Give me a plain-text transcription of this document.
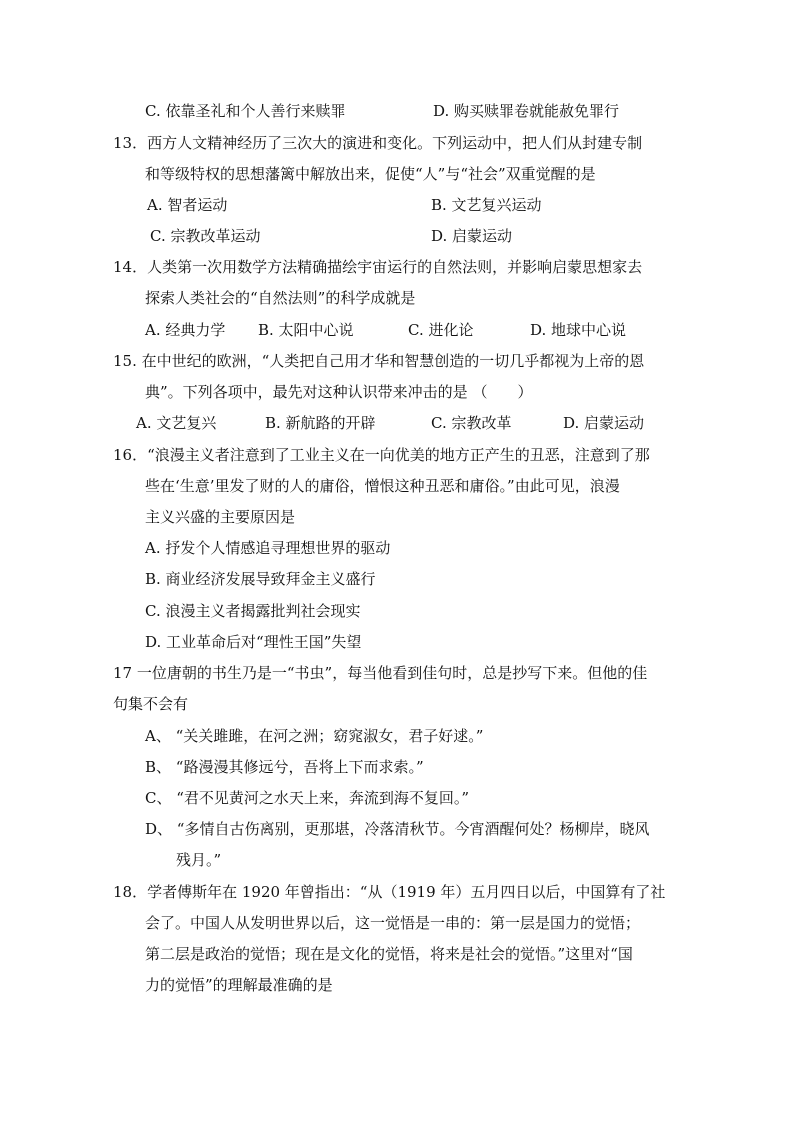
C. 依靠圣礼和个人善行来赎罪	D. 购买赎罪卷就能赦免罪行
13．西方人文精神经历了三次大的演进和变化。下列运动中，把人们从封建专制
和等级特权的思想藩篱中解放出来，促使“人”与“社会”双重觉醒的是
A. 智者运动	B. 文艺复兴运动
C. 宗教改革运动	D. 启蒙运动
14．人类第一次用数学方法精确描绘宇宙运行的自然法则，并影响启蒙思想家去
探索人类社会的“自然法则”的科学成就是
A. 经典力学 B. 太阳中心说	C. 进化论	D. 地球中心说
15. 在中世纪的欧洲，“人类把自己用才华和智慧创造的一切几乎都视为上帝的恩
典”。下列各项中，最先对这种认识带来冲击的是 （　　）
A. 文艺复兴	B. 新航路的开辟	C. 宗教改革	D. 启蒙运动
16．“浪漫主义者注意到了工业主义在一向优美的地方正产生的丑恶，注意到了那
些在‘生意’里发了财的人的庸俗，憎恨这种丑恶和庸俗。”由此可见，浪漫
主义兴盛的主要原因是
A. 抒发个人情感追寻理想世界的驱动
B. 商业经济发展导致拜金主义盛行
C. 浪漫主义者揭露批判社会现实
D. 工业革命后对“理性王国”失望
17 一位唐朝的书生乃是一“书虫”，每当他看到佳句时，总是抄写下来。但他的佳
句集不会有
A、 “关关雎雎，在河之洲；窈窕淑女，君子好逑。”
B、 “路漫漫其修远兮，吾将上下而求索。”
C、 “君不见黄河之水天上来，奔流到海不复回。”
D、 “多情自古伤离别，更那堪，冷落清秋节。今宵酒醒何处？杨柳岸，晓风
残月。”
18．学者傅斯年在 1920 年曾指出：“从（1919 年）五月四日以后，中国算有了社
会了。中国人从发明世界以后，这一觉悟是一串的：第一层是国力的觉悟；
第二层是政治的觉悟；现在是文化的觉悟，将来是社会的觉悟。”这里对“国
力的觉悟”的理解最准确的是
